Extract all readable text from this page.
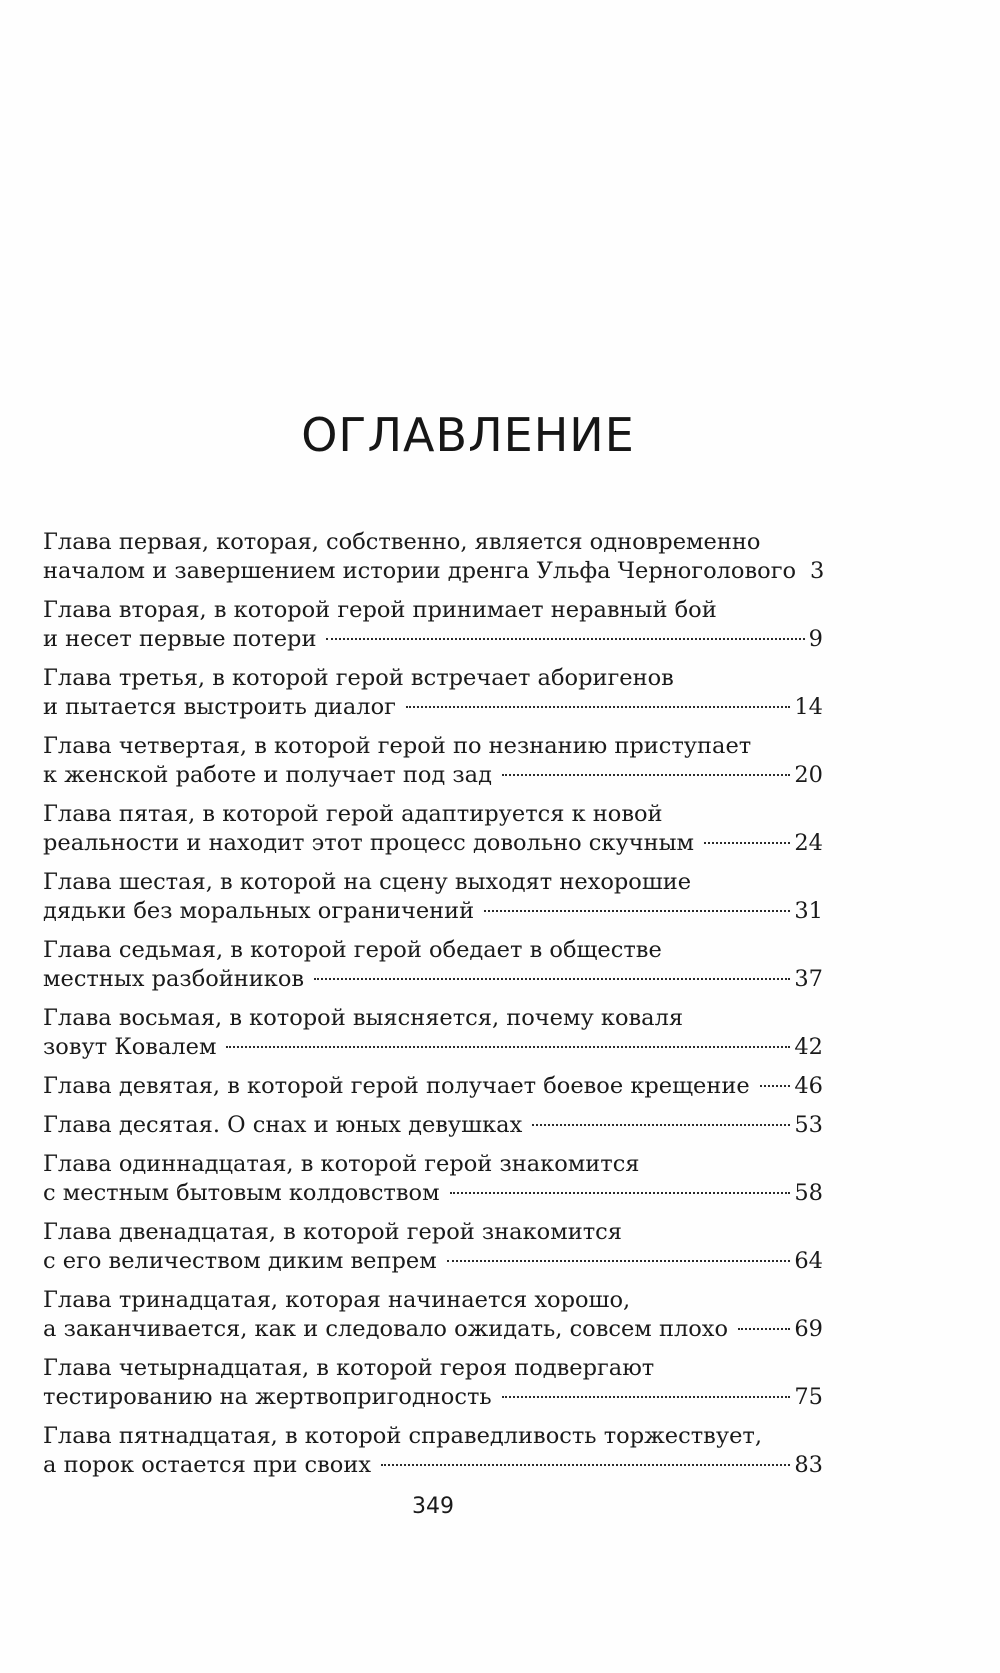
ОГЛАВЛЕНИЕ
Глава первая, которая, собственно, является одновременно
началом и завершением истории дренга Ульфа Черноголового 3
Глава вторая, в которой герой принимает неравный бой
и несет первые потери	9
Глава третья, в которой герой встречает аборигенов
и пытается выстроить диалог	14
Глава четвертая, в которой герой по незнанию приступает
к женской работе и получает под зад	20
Глава пятая, в которой герой адаптируется к новой
реальности и находит этот процесс довольно скучным	24
Глава шестая, в которой на сцену выходят нехорошие
дядьки без моральных ограничений	31
Глава седьмая, в которой герой обедает в обществе
местных разбойников	37
Глава восьмая, в которой выясняется, почему коваля
зовут Ковалем	42
Глава девятая, в которой герой получает боевое крещение 46
Глава десятая. О снах и юных девушках	53
Глава одиннадцатая, в которой герой знакомится
с местным бытовым колдовством	58
Глава двенадцатая, в которой герой знакомится
с его величеством диким вепрем	64
Глава тринадцатая, которая начинается хорошо,
а заканчивается, как и следовало ожидать, совсем плохо	69
Глава четырнадцатая, в которой героя подвергают
тестированию на жертвопригодность	75
Глава пятнадцатая, в которой справедливость торжествует,
а порок остается при своих	83
349
